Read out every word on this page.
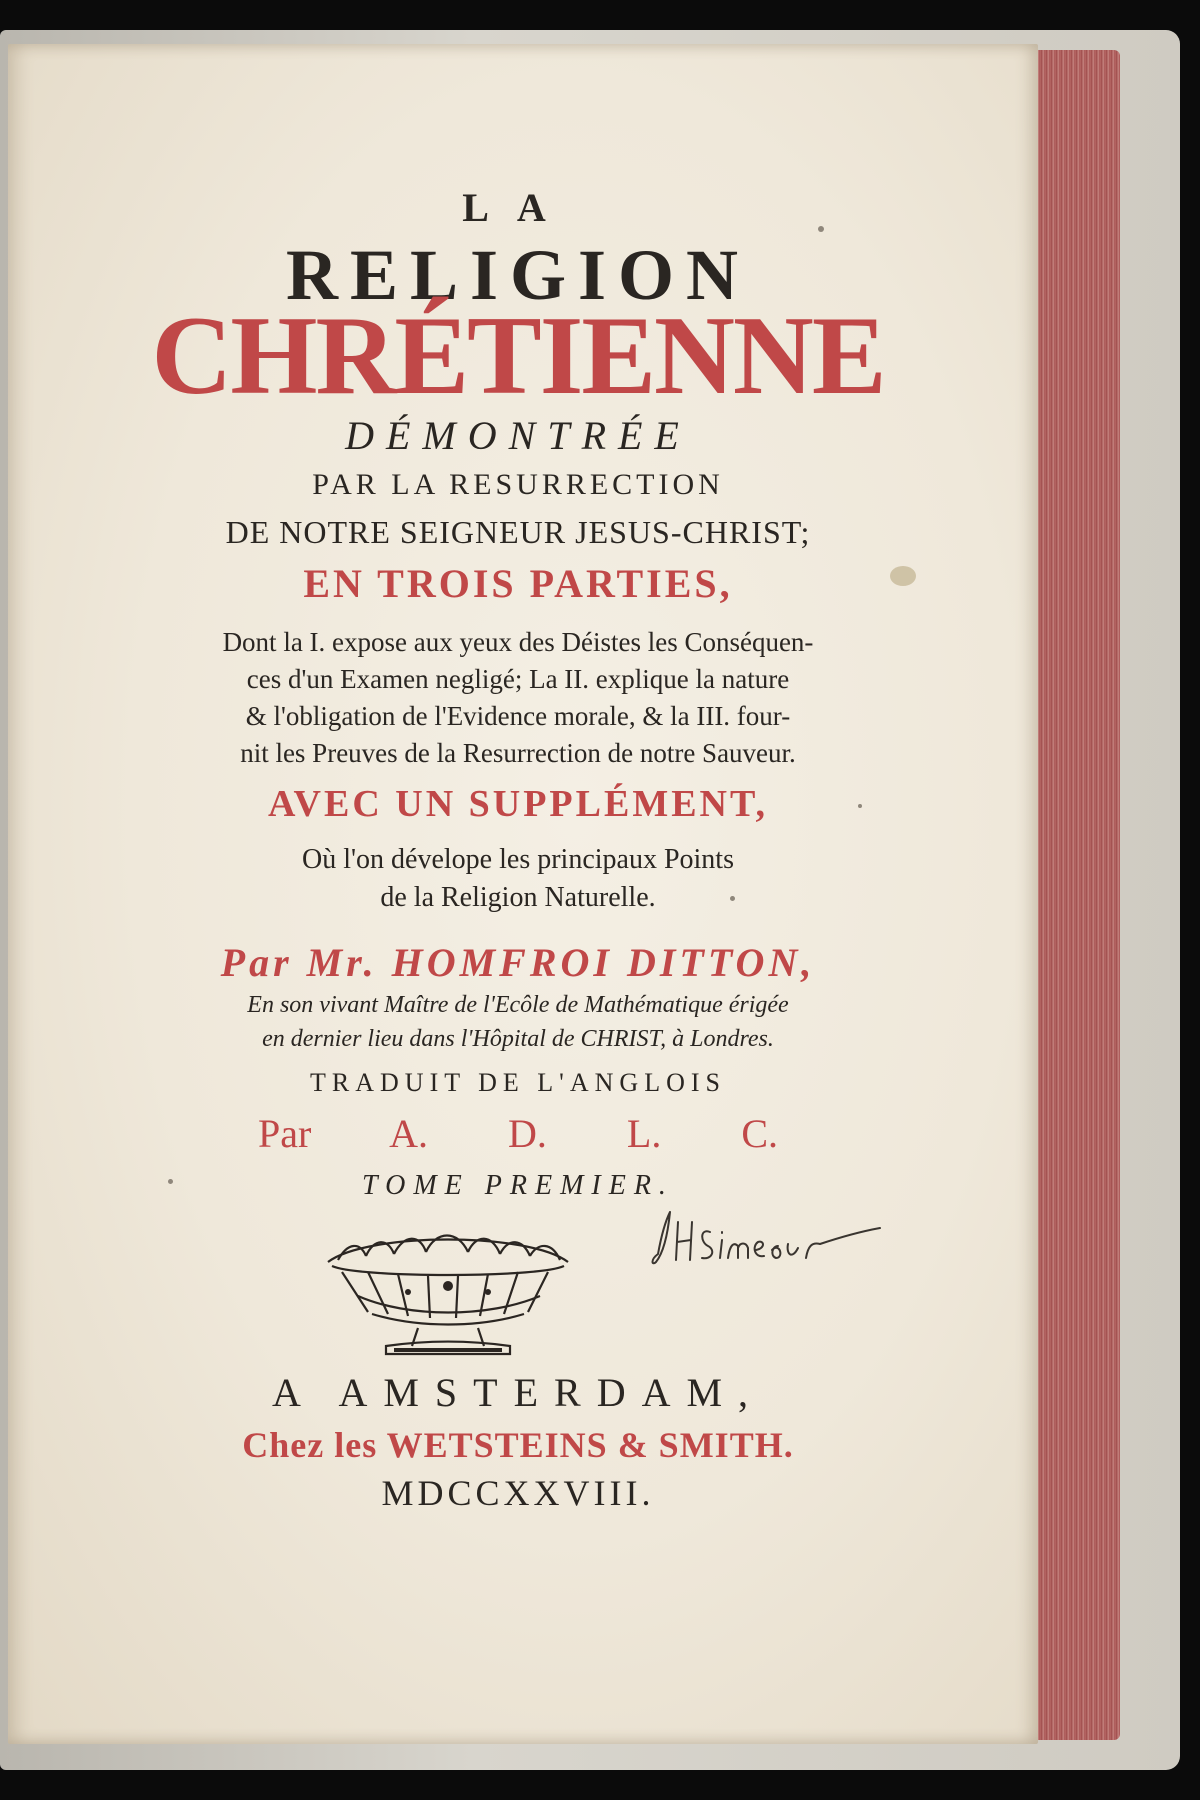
LA

RELIGION

CHRÉTIENNE

DÉMONTRÉE

PAR LA RESURRECTION

DE NOTRE SEIGNEUR JESUS-CHRIST;

EN TROIS PARTIES,

Dont la I. expose aux yeux des Déistes les Conséquen-

ces d'un Examen negligé; La II. explique la nature

& l'obligation de l'Evidence morale, & la III. four-

nit les Preuves de la Resurrection de notre Sauveur.

AVEC UN SUPPLÉMENT,

Où l'on dévelope les principaux Points

de la Religion Naturelle.

Par Mr. HOMFROI DITTON,

En son vivant Maître de l'Ecôle de Mathématique érigée

en dernier lieu dans l'Hôpital de CHRIST, à Londres.

TRADUIT DE L'ANGLOIS

Par A. D. L. C.

TOME PREMIER.

A AMSTERDAM,

Chez les WETSTEINS & SMITH.

MDCCXXVIII.
